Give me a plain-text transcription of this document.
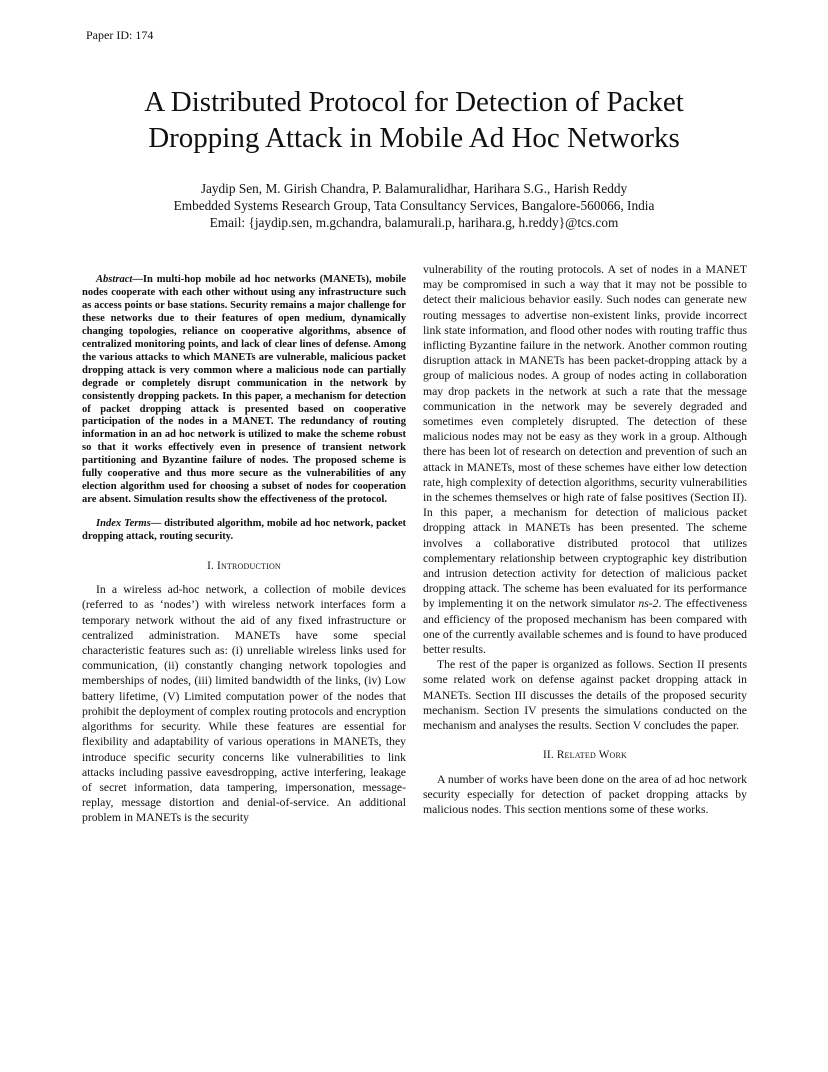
Paper ID: 174
A Distributed Protocol for Detection of Packet
Dropping Attack in Mobile Ad Hoc Networks
Jaydip Sen, M. Girish Chandra, P. Balamuralidhar, Harihara S.G., Harish Reddy
Embedded Systems Research Group, Tata Consultancy Services, Bangalore-560066, India
Email: {jaydip.sen, m.gchandra, balamurali.p, harihara.g, h.reddy}@tcs.com
Abstract—In multi-hop mobile ad hoc networks (MANETs), mobile nodes cooperate with each other without using any infrastructure such as access points or base stations. Security remains a major challenge for these networks due to their features of open medium, dynamically changing topologies, reliance on cooperative algorithms, absence of centralized monitoring points, and lack of clear lines of defense. Among the various attacks to which MANETs are vulnerable, malicious packet dropping attack is very common where a malicious node can partially degrade or completely disrupt communication in the network by consistently dropping packets. In this paper, a mechanism for detection of packet dropping attack is presented based on cooperative participation of the nodes in a MANET. The redundancy of routing information in an ad hoc network is utilized to make the scheme robust so that it works effectively even in presence of transient network partitioning and Byzantine failure of nodes. The proposed scheme is fully cooperative and thus more secure as the vulnerabilities of any election algorithm used for choosing a subset of nodes for cooperation are absent. Simulation results show the effectiveness of the protocol.
Index Terms— distributed algorithm, mobile ad hoc network, packet dropping attack, routing security.
I. Introduction

In a wireless ad-hoc network, a collection of mobile devices (referred to as ‘nodes’) with wireless network interfaces form a temporary network without the aid of any fixed infrastructure or centralized administration. MANETs have some special characteristic features such as: (i) unreliable wireless links used for communication, (ii) constantly changing network topologies and memberships of nodes, (iii) limited bandwidth of the links, (iv) Low battery lifetime, (V) Limited computation power of the nodes that prohibit the deployment of complex routing protocols and encryption algorithms for security. While these features are essential for flexibility and adaptability of various operations in MANETs, they introduce specific security concerns like vulnerabilities to link attacks including passive eavesdropping, active interfering, leakage of secret information, data tampering, impersonation, message-replay, message distortion and denial-of-service. An additional problem in MANETs is the security

vulnerability of the routing protocols. A set of nodes in a MANET may be compromised in such a way that it may not be possible to detect their malicious behavior easily. Such nodes can generate new routing messages to advertise non-existent links, provide incorrect link state information, and flood other nodes with routing traffic thus inflicting Byzantine failure in the network. Another common routing disruption attack in MANETs has been packet-dropping attack by a group of malicious nodes. A group of nodes acting in collaboration may drop packets in the network at such a rate that the message communication in the network may be severely degraded and sometimes even completely disrupted. The detection of these malicious nodes may not be easy as they work in a group. Although there has been lot of research on detection and prevention of such an attack in MANETs, most of these schemes have either low detection rate, high complexity of detection algorithms, security vulnerabilities in the schemes themselves or high rate of false positives (Section II). In this paper, a mechanism for detection of malicious packet dropping attack in MANETs has been presented. The scheme involves a collaborative distributed protocol that utilizes complementary relationship between cryptographic key distribution and intrusion detection activity for detection of malicious packet dropping attack. The scheme has been evaluated for its performance by implementing it on the network simulator ns-2. The effectiveness and efficiency of the proposed mechanism has been compared with one of the currently available schemes and is found to have produced better results.

The rest of the paper is organized as follows. Section II presents some related work on defense against packet dropping attack in MANETs. Section III discusses the details of the proposed security mechanism. Section IV presents the simulations conducted on the mechanism and analyses the results. Section V concludes the paper.

II. Related Work

A number of works have been done on the area of ad hoc network security especially for detection of packet dropping attacks by malicious nodes. This section mentions some of these works.
